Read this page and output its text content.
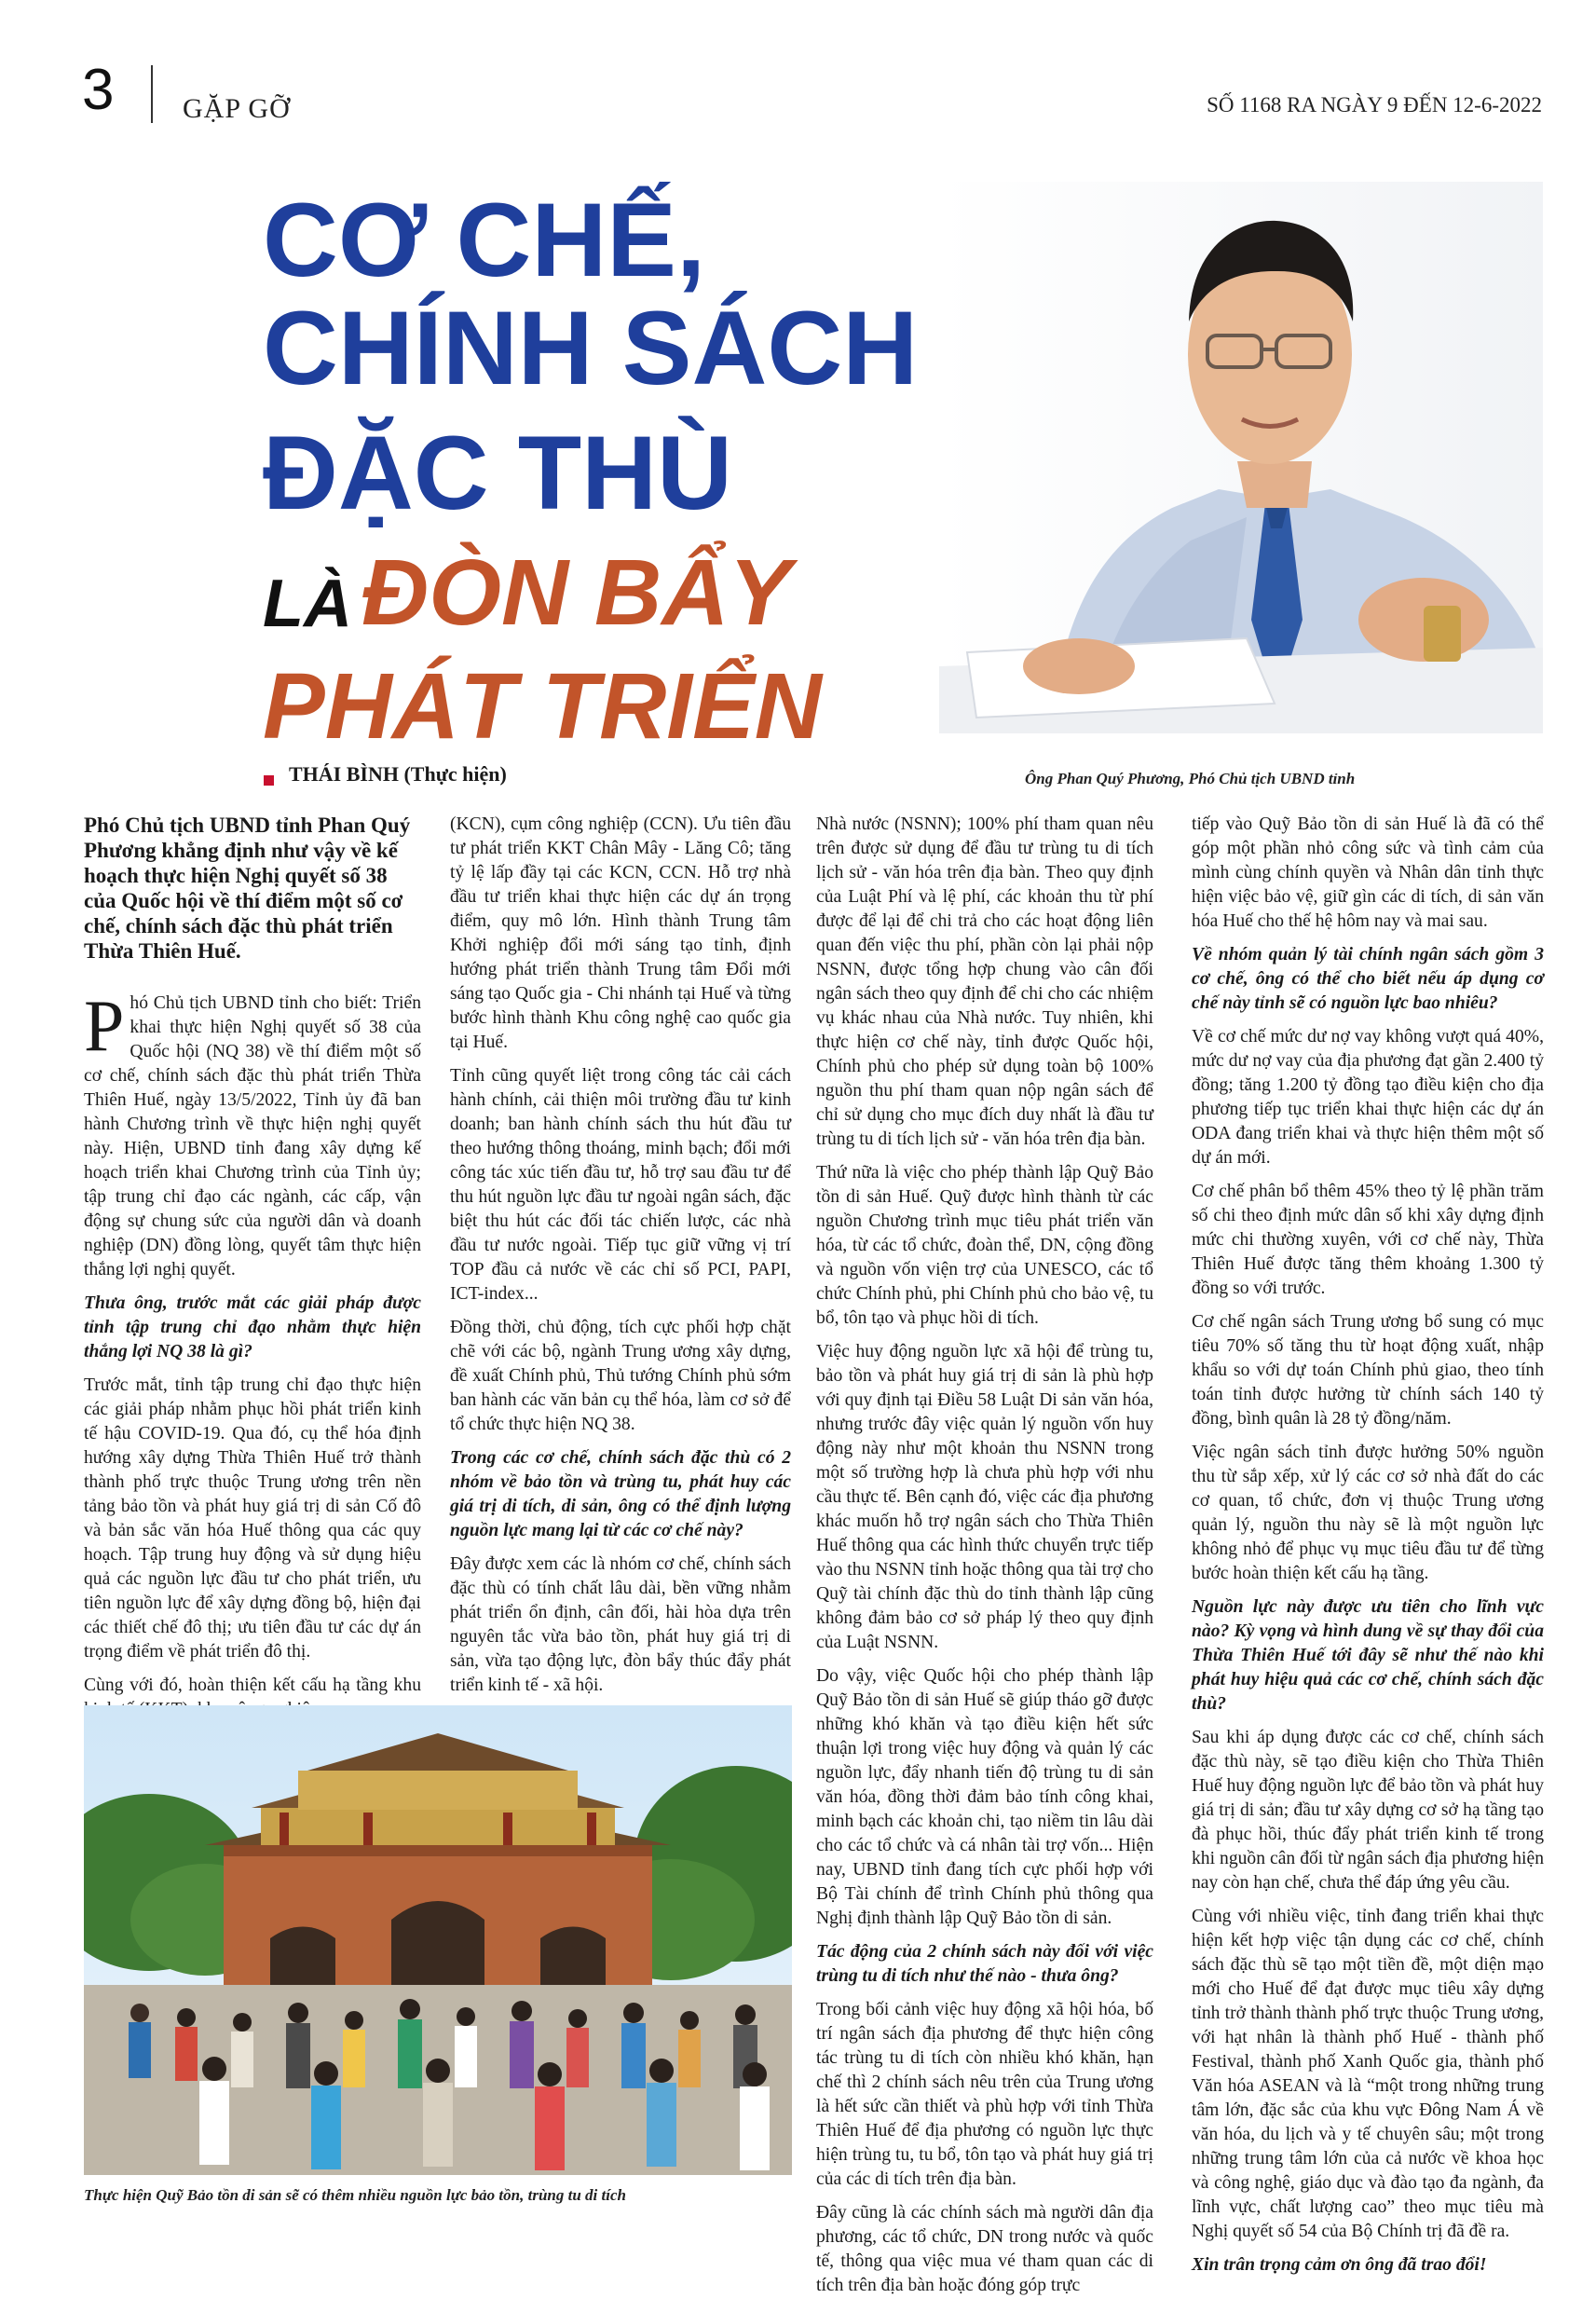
3 GẶP GỠ	SỐ 1168 RA NGÀY 9 ĐẾN 12-6-2022
CƠ CHẾ,
CHÍNH SÁCH
ĐẶC THÙ
LÀ ĐÒN BẨY
PHÁT TRIỂN
Ông Phan Quý Phương, Phó Chủ tịch UBND tỉnh
THÁI BÌNH (Thực hiện)

Phó Chủ tịch UBND tỉnh Phan Quý Phương khẳng định như vậy về kế hoạch thực hiện Nghị quyết số 38 của Quốc hội về thí điểm một số cơ chế, chính sách đặc thù phát triển Thừa Thiên Huế.

Phó Chủ tịch UBND tỉnh cho biết: Triển khai thực hiện Nghị quyết số 38 của Quốc hội (NQ 38) về thí điểm một số cơ chế, chính sách đặc thù phát triển Thừa Thiên Huế, ngày 13/5/2022, Tỉnh ủy đã ban hành Chương trình về thực hiện nghị quyết này. Hiện, UBND tỉnh đang xây dựng kế hoạch triển khai Chương trình của Tỉnh ủy; tập trung chỉ đạo các ngành, các cấp, vận động sự chung sức của người dân và doanh nghiệp (DN) đồng lòng, quyết tâm thực hiện thắng lợi nghị quyết.

Thưa ông, trước mắt các giải pháp được tỉnh tập trung chỉ đạo nhằm thực hiện thắng lợi NQ 38 là gì?

Trước mắt, tỉnh tập trung chỉ đạo thực hiện các giải pháp nhằm phục hồi phát triển kinh tế hậu COVID-19. Qua đó, cụ thể hóa định hướng xây dựng Thừa Thiên Huế trở thành thành phố trực thuộc Trung ương trên nền tảng bảo tồn và phát huy giá trị di sản Cố đô và bản sắc văn hóa Huế thông qua các quy hoạch. Tập trung huy động và sử dụng hiệu quả các nguồn lực đầu tư cho phát triển, ưu tiên nguồn lực để xây dựng đồng bộ, hiện đại các thiết chế đô thị; ưu tiên đầu tư các dự án trọng điểm về phát triển đô thị.

Cùng với đó, hoàn thiện kết cấu hạ tầng khu

(KCN), cụm công nghiệp (CCN). Ưu tiên đầu tư phát triển KKT Chân Mây - Lăng Cô; tăng tỷ lệ lấp đầy tại các KCN, CCN. Hỗ trợ nhà đầu tư triển khai thực hiện các dự án trọng điểm, quy mô lớn. Hình thành Trung tâm Khởi nghiệp đổi mới sáng tạo tỉnh, định hướng phát triển thành Trung tâm Đổi mới sáng tạo Quốc gia - Chi nhánh tại Huế và từng bước hình thành Khu công nghệ cao quốc gia tại Huế.

Tỉnh cũng quyết liệt trong công tác cải cách hành chính, cải thiện môi trường đầu tư kinh doanh; ban hành chính sách thu hút đầu tư theo hướng thông thoáng, minh bạch; đổi mới công tác xúc tiến đầu tư, hỗ trợ sau đầu tư để thu hút nguồn lực đầu tư ngoài ngân sách, đặc biệt thu hút các đối tác chiến lược, các nhà đầu tư nước ngoài. Tiếp tục giữ vững vị trí TOP đầu cả nước về các chỉ số PCI, PAPI, ICT-index...

Đồng thời, chủ động, tích cực phối hợp chặt chẽ với các bộ, ngành Trung ương xây dựng, đề xuất Chính phủ, Thủ tướng Chính phủ sớm ban hành các văn bản cụ thể hóa, làm cơ sở để tổ chức thực hiện NQ 38.

Trong các cơ chế, chính sách đặc thù có 2 nhóm về bảo tồn và trùng tu, phát huy các giá trị di tích, di sản, ông có thể định lượng nguồn lực mang lại từ các cơ chế này?

Đây được xem các là nhóm cơ chế, chính sách đặc thù có tính chất lâu dài, bền vững nhằm phát triển ổn định, cân đối, hài hòa dựa trên nguyên tắc vừa bảo tồn, phát huy giá trị di sản, vừa tạo động lực, đòn bẩy thúc đẩy phát triển kinh tế - xã hội.

Nhà nước (NSNN); 100% phí tham quan nêu trên được sử dụng để đầu tư trùng tu di tích lịch sử - văn hóa trên địa bàn. Theo quy định của Luật Phí và lệ phí, các khoản thu từ phí được để lại để chi trả cho các hoạt động liên quan đến việc thu phí, phần còn lại phải nộp NSNN, được tổng hợp chung vào cân đối ngân sách theo quy định để chi cho các nhiệm vụ khác nhau của Nhà nước. Tuy nhiên, khi thực hiện cơ chế này, tỉnh được Quốc hội, Chính phủ cho phép sử dụng toàn bộ 100% nguồn thu phí tham quan nộp ngân sách để chỉ sử dụng cho mục đích duy nhất là đầu tư trùng tu di tích lịch sử - văn hóa trên địa bàn.

Thứ nữa là việc cho phép thành lập Quỹ Bảo tồn di sản Huế. Quỹ được hình thành từ các nguồn Chương trình mục tiêu phát triển văn hóa, từ các tổ chức, đoàn thể, DN, cộng đồng và nguồn vốn viện trợ của UNESCO, các tổ chức Chính phủ, phi Chính phủ cho bảo vệ, tu bổ, tôn tạo và phục hồi di tích.

Việc huy động nguồn lực xã hội để trùng tu, bảo tồn và phát huy giá trị di sản là phù hợp với quy định tại Điều 58 Luật Di sản văn hóa, nhưng trước đây việc quản lý nguồn vốn huy động này như một khoản thu NSNN trong một số trường hợp là chưa phù hợp với nhu cầu thực tế. Bên cạnh đó, việc các địa phương khác muốn hỗ trợ ngân sách cho Thừa Thiên Huế thông qua các hình thức chuyển trực tiếp vào thu NSNN tỉnh hoặc thông qua tài trợ cho Quỹ tài chính đặc thù do tỉnh thành lập cũng không đảm bảo cơ sở pháp lý theo quy định của Luật NSNN.

Do vậy, việc Quốc hội cho phép thành lập Quỹ Bảo tồn di sản Huế sẽ giúp tháo gỡ được những khó khăn và tạo điều kiện hết sức thuận lợi trong việc huy động và quản lý các nguồn lực, đẩy nhanh tiến độ trùng tu di sản văn hóa, đồng thời đảm bảo tính công khai, minh bạch các khoản chi, tạo niềm tin lâu dài cho các tổ chức và cá nhân tài trợ vốn... Hiện nay, UBND tỉnh đang tích cực phối hợp với Bộ Tài chính để trình Chính phủ thông qua Nghị định thành lập Quỹ Bảo tồn di sản.

Tác động của 2 chính sách này đối với việc trùng tu di tích như thế nào - thưa ông?

Trong bối cảnh việc huy động xã hội hóa, bố trí ngân sách địa phương để thực hiện công tác trùng tu di tích còn nhiều khó khăn, hạn chế thì 2 chính sách nêu trên của Trung ương là hết sức cần thiết và phù hợp với tỉnh Thừa Thiên Huế để địa phương có nguồn lực thực hiện trùng tu, tu bổ, tôn tạo và phát huy giá trị của các di tích trên địa bàn.

Đây cũng là các chính sách mà người dân địa phương, các tổ chức, DN trong nước và quốc tế, thông qua việc mua vé tham quan các di tích trên địa bàn hoặc đóng góp trực

tiếp vào Quỹ Bảo tồn di sản Huế là đã có thể góp một phần nhỏ công sức và tình cảm của mình cùng chính quyền và Nhân dân tỉnh thực hiện việc bảo vệ, giữ gìn các di tích, di sản văn hóa Huế cho thế hệ hôm nay và mai sau.

Về nhóm quản lý tài chính ngân sách gồm 3 cơ chế, ông có thể cho biết nếu áp dụng cơ chế này tỉnh sẽ có nguồn lực bao nhiêu?

Về cơ chế mức dư nợ vay không vượt quá 40%, mức dư nợ vay của địa phương đạt gần 2.400 tỷ đồng; tăng 1.200 tỷ đồng tạo điều kiện cho địa phương tiếp tục triển khai thực hiện các dự án ODA đang triển khai và thực hiện thêm một số dự án mới.

Cơ chế phân bổ thêm 45% theo tỷ lệ phần trăm số chi theo định mức dân số khi xây dựng định mức chi thường xuyên, với cơ chế này, Thừa Thiên Huế được tăng thêm khoảng 1.300 tỷ đồng so với trước.

Cơ chế ngân sách Trung ương bổ sung có mục tiêu 70% số tăng thu từ hoạt động xuất, nhập khẩu so với dự toán Chính phủ giao, theo tính toán tỉnh được hưởng từ chính sách 140 tỷ đồng, bình quân là 28 tỷ đồng/năm.

Việc ngân sách tỉnh được hưởng 50% nguồn thu từ sắp xếp, xử lý các cơ sở nhà đất do các cơ quan, tổ chức, đơn vị thuộc Trung ương quản lý, nguồn thu này sẽ là một nguồn lực không nhỏ để phục vụ mục tiêu đầu tư để từng bước hoàn thiện kết cấu hạ tầng.

Nguồn lực này được ưu tiên cho lĩnh vực nào? Kỳ vọng và hình dung về sự thay đổi của Thừa Thiên Huế tới đây sẽ như thế nào khi phát huy hiệu quả các cơ chế, chính sách đặc thù?

Sau khi áp dụng được các cơ chế, chính sách đặc thù này, sẽ tạo điều kiện cho Thừa Thiên Huế huy động nguồn lực để bảo tồn và phát huy giá trị di sản; đầu tư xây dựng cơ sở hạ tầng tạo đà phục hồi, thúc đẩy phát triển kinh tế trong khi nguồn cân đối từ ngân sách địa phương hiện nay còn hạn chế, chưa thể đáp ứng yêu cầu.

Cùng với nhiều việc, tỉnh đang triển khai thực hiện kết hợp việc tận dụng các cơ chế, chính sách đặc thù sẽ tạo một tiền đề, một diện mạo mới cho Huế để đạt được mục tiêu xây dựng tỉnh trở thành thành phố trực thuộc Trung ương, với hạt nhân là thành phố Huế - thành phố Festival, thành phố Xanh Quốc gia, thành phố Văn hóa ASEAN và là “một trong những trung tâm lớn, đặc sắc của khu vực Đông Nam Á về văn hóa, du lịch và y tế chuyên sâu; một trong những trung tâm lớn của cả nước về khoa học và công nghệ, giáo dục và đào tạo đa ngành, đa lĩnh vực, chất lượng cao” theo mục tiêu mà Nghị quyết số 54 của Bộ Chính trị đã đề ra.

Xin trân trọng cảm ơn ông đã trao đổi!

Thực hiện Quỹ Bảo tồn di sản sẽ có thêm nhiều nguồn lực bảo tồn, trùng tu di tích
